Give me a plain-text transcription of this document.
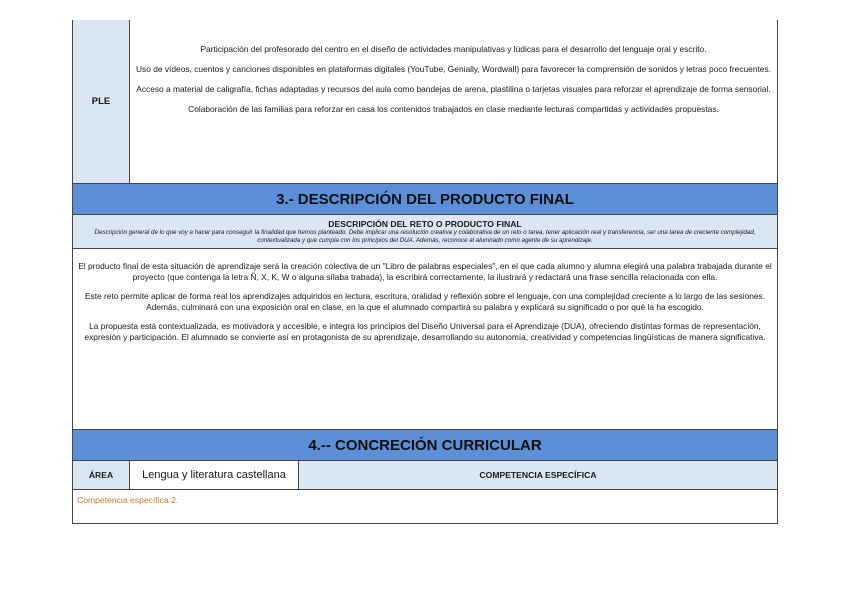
PLE

Participación del profesorado del centro en el diseño de actividades manipulativas y lúdicas para el desarrollo del lenguaje oral y escrito.

Uso de vídeos, cuentos y canciones disponibles en plataformas digitales (YouTube, Genially, Wordwall) para favorecer la comprensión de sonidos y letras poco frecuentes.

Acceso a material de caligrafía, fichas adaptadas y recursos del aula como bandejas de arena, plastilina o tarjetas visuales para reforzar el aprendizaje de forma sensorial.

Colaboración de las familias para reforzar en casa los contenidos trabajados en clase mediante lecturas compartidas y actividades propuestas.

3.- DESCRIPCIÓN DEL PRODUCTO FINAL
DESCRIPCIÓN DEL RETO O PRODUCTO FINAL
Descripción general de lo que voy a hacer para conseguir la finalidad que hemos planteado. Debe implicar una resolución creativa y colaborativa de un reto o tarea, tener aplicación real y transferencia, ser una tarea de creciente complejidad, contextualizada y que cumpla con los principios del DUA. Además, reconoce al alumnado como agente de su aprendizaje.

El producto final de esta situación de aprendizaje será la creación colectiva de un "Libro de palabras especiales", en el que cada alumno y alumna elegirá una palabra trabajada durante el proyecto (que contenga la letra Ñ, X, K, W o alguna sílaba trabada), la escribirá correctamente, la ilustrará y redactará una frase sencilla relacionada con ella.

Este reto permite aplicar de forma real los aprendizajes adquiridos en lectura, escritura, oralidad y reflexión sobre el lenguaje, con una complejidad creciente a lo largo de las sesiones. Además, culminará con una exposición oral en clase, en la que el alumnado compartirá su palabra y explicará su significado o por qué la ha escogido.

La propuesta está contextualizada, es motivadora y accesible, e integra los principios del Diseño Universal para el Aprendizaje (DUA), ofreciendo distintas formas de representación, expresión y participación. El alumnado se convierte así en protagonista de su aprendizaje, desarrollando su autonomía, creatividad y competencias lingüísticas de manera significativa.

4.-- CONCRECIÓN CURRICULAR
ÁREA	Lengua y literatura castellana	COMPETENCIA ESPECÍFICA
Competencia específica 2.
